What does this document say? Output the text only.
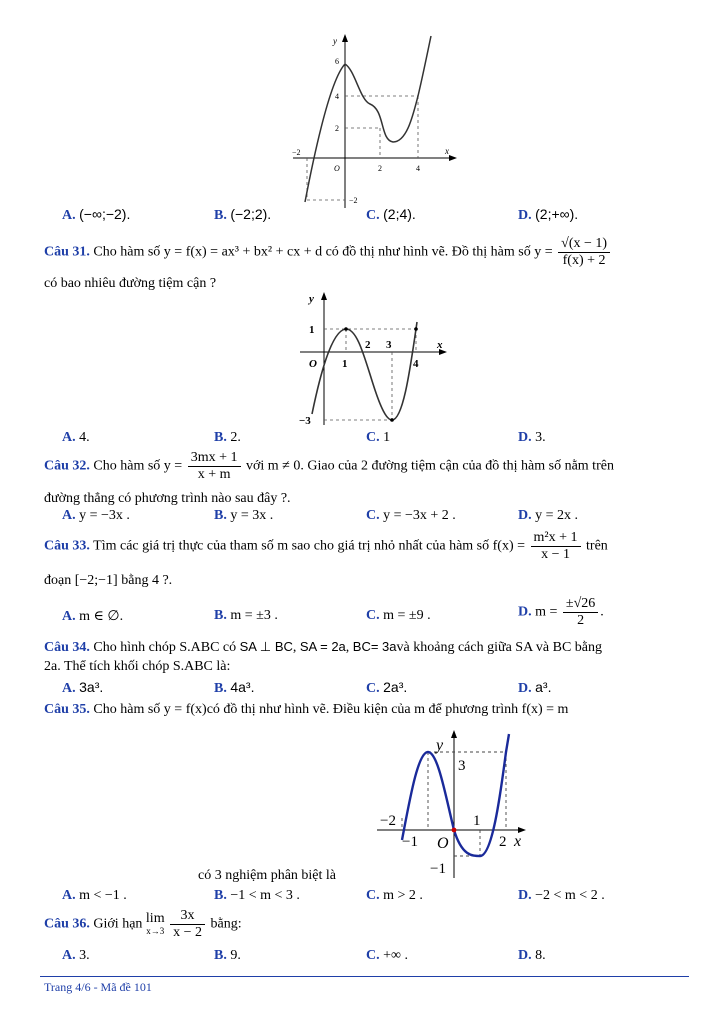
y
x
O
6
4
2
−2
2	4
−2
A. (−∞;−2).	B. (−2;2).	C. (2;4).	D. (2;+∞).
Câu 31. Cho hàm số y = f(x) = ax³ + bx² + cx + d có đồ thị như hình vẽ. Đồ thị hàm số $y = \frac{√(x - 1)}{f(x) + 2}$
có bao nhiêu đường tiệm cận ?
y
x
O
1
1
2 3
4
−3
A. 4.	B. 2.	C. 1	D. 3.
Câu 32. Cho hàm số $y = \frac{3mx + 1}{x + m}$ với m ≠ 0. Giao của 2 đường tiệm cận của đồ thị hàm số nằm trên
đường thẳng có phương trình nào sau đây ?.
A. y = −3x .	B. y = 3x .	C. y = −3x + 2 .	D. y = 2x .
Câu 33. Tìm các giá trị thực của tham số m sao cho giá trị nhỏ nhất của hàm số $f(x) = \frac{\text{m²x + 1}}{x - 1}$ trên
đoạn [−2;−1] bằng 4 ?.
A. m ∈ ∅.	B. m = ±3 .	C. m = ±9 .	D. $m = \frac{\pm√26}{2}$ .
Câu 34. Cho hình chóp S.ABC có SA ⊥ BC, SA = 2a, BC= 3avà khoảng cách giữa SA và BC bằng
2a. Thể tích khối chóp S.ABC là:
A. 3a³.	B. 4a³.	C. 2a³.	D. a³.
Câu 35. Cho hàm số y = f(x)có đồ thị như hình vẽ. Điều kiện của m để phương trình f(x) = m
y
x
3
−2	1
−1 O	2
−1
có 3 nghiệm phân biệt là
A. m < −1 .	B. −1 < m < 3 .	C. m > 2 .	D. −2 < m < 2 .
Câu 36. Giới hạn lim
x→3
$\frac{3x}{x - 2}$ bằng:
A. 3.	B. 9.	C. +∞ .	D. 8.
Trang 4/6 - Mã đề 101
